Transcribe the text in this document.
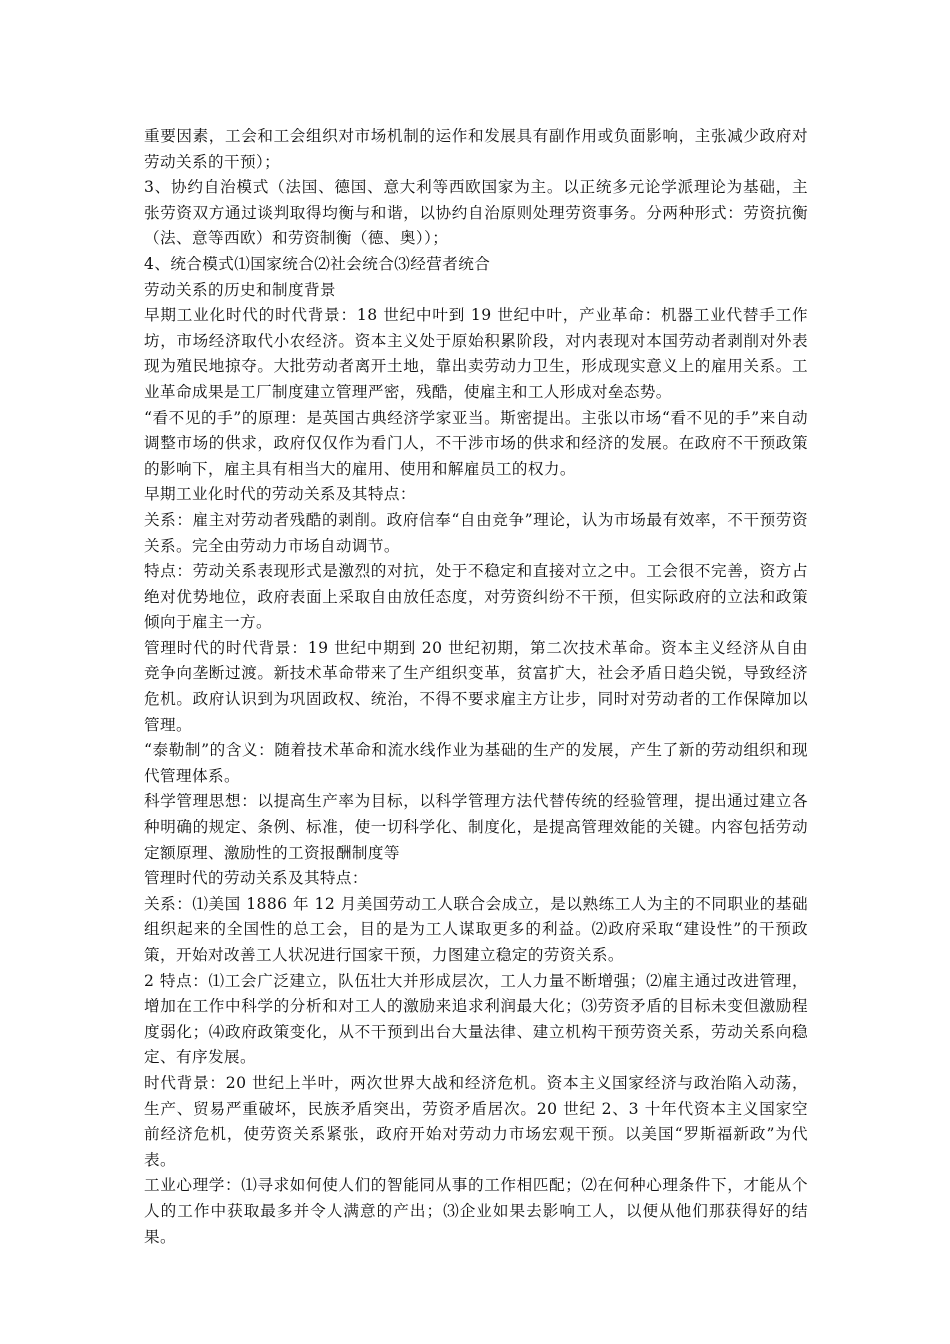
重要因素，工会和工会组织对市场机制的运作和发展具有副作用或负面影响，主张减少政府对劳动关系的干预）；

3、协约自治模式（法国、德国、意大利等西欧国家为主。以正统多元论学派理论为基础，主张劳资双方通过谈判取得均衡与和谐，以协约自治原则处理劳资事务。分两种形式：劳资抗衡（法、意等西欧）和劳资制衡（德、奥））；

4、统合模式⑴国家统合⑵社会统合⑶经营者统合

劳动关系的历史和制度背景

早期工业化时代的时代背景：18 世纪中叶到 19 世纪中叶，产业革命：机器工业代替手工作坊，市场经济取代小农经济。资本主义处于原始积累阶段，对内表现对本国劳动者剥削对外表现为殖民地掠夺。大批劳动者离开土地，靠出卖劳动力卫生，形成现实意义上的雇用关系。工业革命成果是工厂制度建立管理严密，残酷，使雇主和工人形成对垒态势。

“看不见的手”的原理：是英国古典经济学家亚当。斯密提出。主张以市场“看不见的手”来自动调整市场的供求，政府仅仅作为看门人，不干涉市场的供求和经济的发展。在政府不干预政策的影响下，雇主具有相当大的雇用、使用和解雇员工的权力。

早期工业化时代的劳动关系及其特点：

关系：雇主对劳动者残酷的剥削。政府信奉“自由竞争”理论，认为市场最有效率，不干预劳资关系。完全由劳动力市场自动调节。

特点：劳动关系表现形式是激烈的对抗，处于不稳定和直接对立之中。工会很不完善，资方占绝对优势地位，政府表面上采取自由放任态度，对劳资纠纷不干预，但实际政府的立法和政策倾向于雇主一方。

管理时代的时代背景：19 世纪中期到 20 世纪初期，第二次技术革命。资本主义经济从自由竞争向垄断过渡。新技术革命带来了生产组织变革，贫富扩大，社会矛盾日趋尖锐，导致经济危机。政府认识到为巩固政权、统治，不得不要求雇主方让步，同时对劳动者的工作保障加以管理。

“泰勒制”的含义：随着技术革命和流水线作业为基础的生产的发展，产生了新的劳动组织和现代管理体系。

科学管理思想：以提高生产率为目标，以科学管理方法代替传统的经验管理，提出通过建立各种明确的规定、条例、标准，使一切科学化、制度化，是提高管理效能的关键。内容包括劳动定额原理、激励性的工资报酬制度等

管理时代的劳动关系及其特点：

关系：⑴美国 1886 年 12 月美国劳动工人联合会成立，是以熟练工人为主的不同职业的基础组织起来的全国性的总工会，目的是为工人谋取更多的利益。⑵政府采取“建设性”的干预政策，开始对改善工人状况进行国家干预，力图建立稳定的劳资关系。

2 特点：⑴工会广泛建立，队伍壮大并形成层次，工人力量不断增强；⑵雇主通过改进管理，增加在工作中科学的分析和对工人的激励来追求利润最大化；⑶劳资矛盾的目标未变但激励程度弱化；⑷政府政策变化，从不干预到出台大量法律、建立机构干预劳资关系，劳动关系向稳定、有序发展。

时代背景：20 世纪上半叶，两次世界大战和经济危机。资本主义国家经济与政治陷入动荡，生产、贸易严重破坏，民族矛盾突出，劳资矛盾居次。20 世纪 2、3 十年代资本主义国家空前经济危机，使劳资关系紧张，政府开始对劳动力市场宏观干预。以美国“罗斯福新政”为代表。

工业心理学：⑴寻求如何使人们的智能同从事的工作相匹配；⑵在何种心理条件下，才能从个人的工作中获取最多并令人满意的产出；⑶企业如果去影响工人，以便从他们那获得好的结果。
